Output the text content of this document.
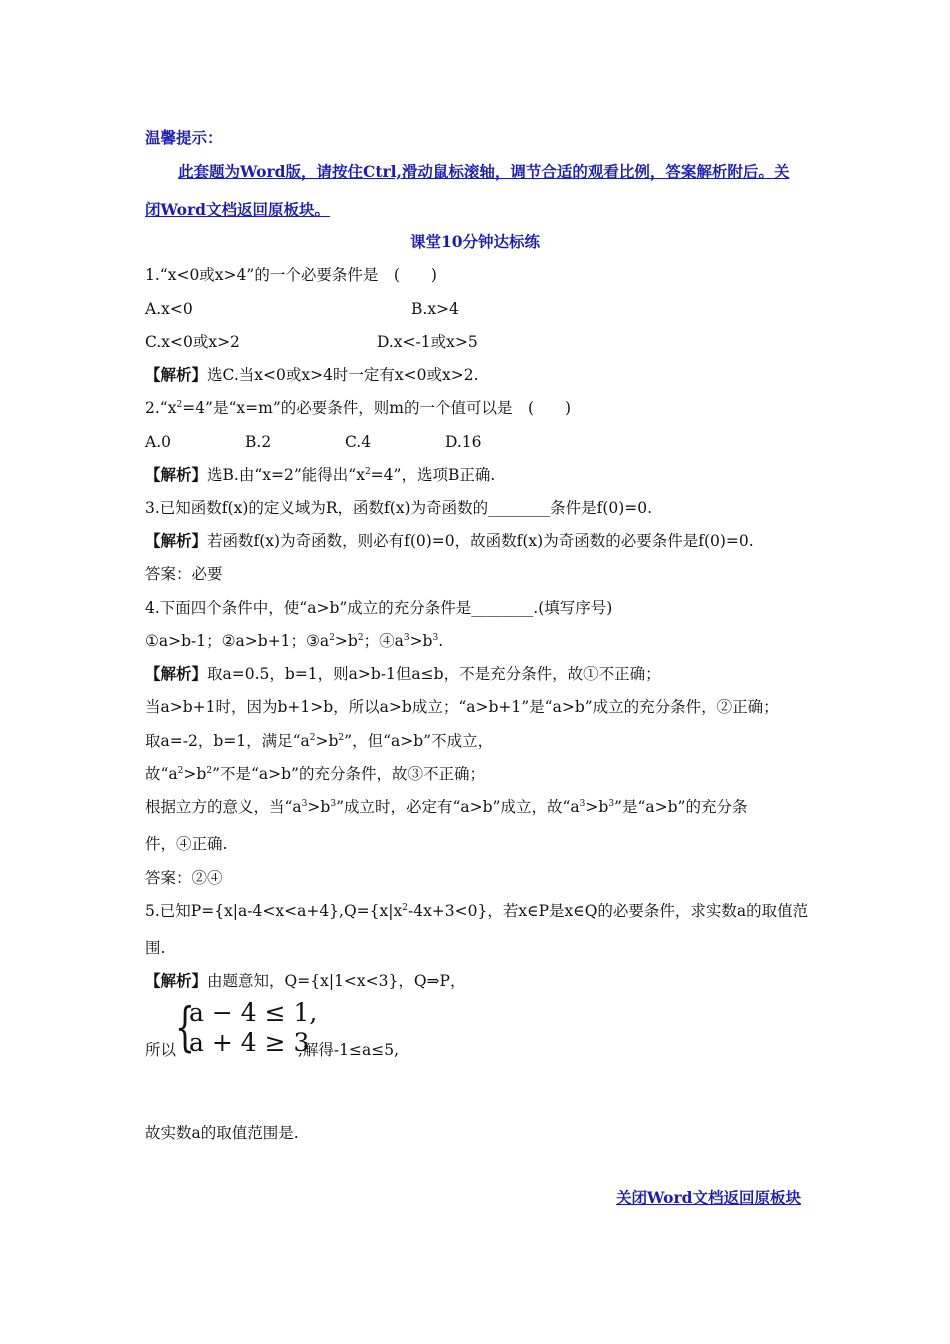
温馨提示：
此套题为Word版，请按住Ctrl,滑动鼠标滚轴，调节合适的观看比例，答案解析附后。关
闭Word文档返回原板块。
课堂10分钟达标练
1.“x<0或x>4”的一个必要条件是　(　　)
A.x<0	B.x>4
C.x<0或x>2	D.x<-1或x>5
【解析】选C.当x<0或x>4时一定有x<0或x>2.
$2.“x^2=4$”是“x=m”的必要条件，则m的一个值可以是　(　　)
A.0	B.2	C.4	D.16
【解析】选B.由“x=2”能得出“$x^2=4$”，选项B正确.
3.已知函数f(x)的定义域为R，函数f(x)为奇函数的________条件是f(0)=0.
【解析】若函数f(x)为奇函数，则必有f(0)=0，故函数f(x)为奇函数的必要条件是f(0)=0.
答案：必要
4.下面四个条件中，使“a>b”成立的充分条件是________.(填写序号)
①a>b-1；②a>b+1；$③a^2>b^2$；$④a^3>b^3$.
【解析】取a=0.5，b=1，则a>b-1但a≤b，不是充分条件，故①不正确；
当a>b+1时，因为b+1>b，所以a>b成立；“a>b+1”是“a>b”成立的充分条件，②正确；
取a=-2，b=1，满足“$a^2>b^2$”，但“a>b”不成立，
故“$a^2>b^2$”不是“a>b”的充分条件，故③不正确；
根据立方的意义，当“$a^3>b^3$”成立时，必定有“a>b”成立，故“$a^3>b^3$”是“a>b”的充分条
件，④正确.
答案：②④
5.已知$P=\{x|a-4<x<a+4\},Q=\{x|x^2-4x+3<0\}$，若x∈P是x∈Q的必要条件，求实数a的取值范
围.
【解析】由题意知，Q={x|1<x<3}，Q⇒P，
所以
{
a − 4 ≤ 1,
a + 4 ≥ 3
,解得-1≤a≤5,
故实数a的取值范围是.
关闭Word文档返回原板块
